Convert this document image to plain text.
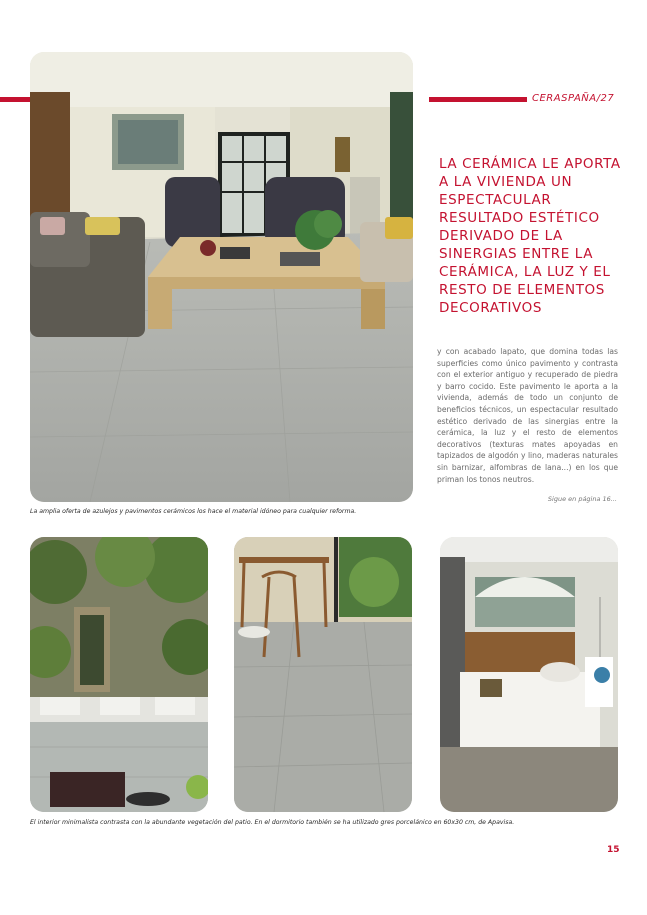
CERASPAÑA/27
La amplia oferta de azulejos y pavimentos cerámicos los hace el material idóneo para cualquier reforma.
LA CERÁMICA LE APORTA A LA VIVIENDA UN ESPECTACULAR RESULTADO ESTÉTICO DERIVADO DE LA SINERGIAS ENTRE LA CERÁMICA, LA LUZ Y EL RESTO DE ELEMENTOS DECORATIVOS

y con acabado lapato, que domina todas las superficies como único pavimento y contrasta con el exterior antiguo y recuperado de piedra y barro cocido. Este pavimento le aporta a la vivienda, además de todo un conjunto de beneficios técnicos, un espectacular resultado estético derivado de las sinergias entre la cerámica, la luz y el resto de elementos decorativos (texturas mates apoyadas en tapizados de algodón y lino, maderas naturales sin barnizar, alfombras de lana...) en los que priman los tonos neutros.

Sigue en página 16...
El interior minimalista contrasta con la abundante vegetación del patio. En el dormitorio también se ha utilizado gres porcelánico en 60x30 cm, de Apavisa.
15
